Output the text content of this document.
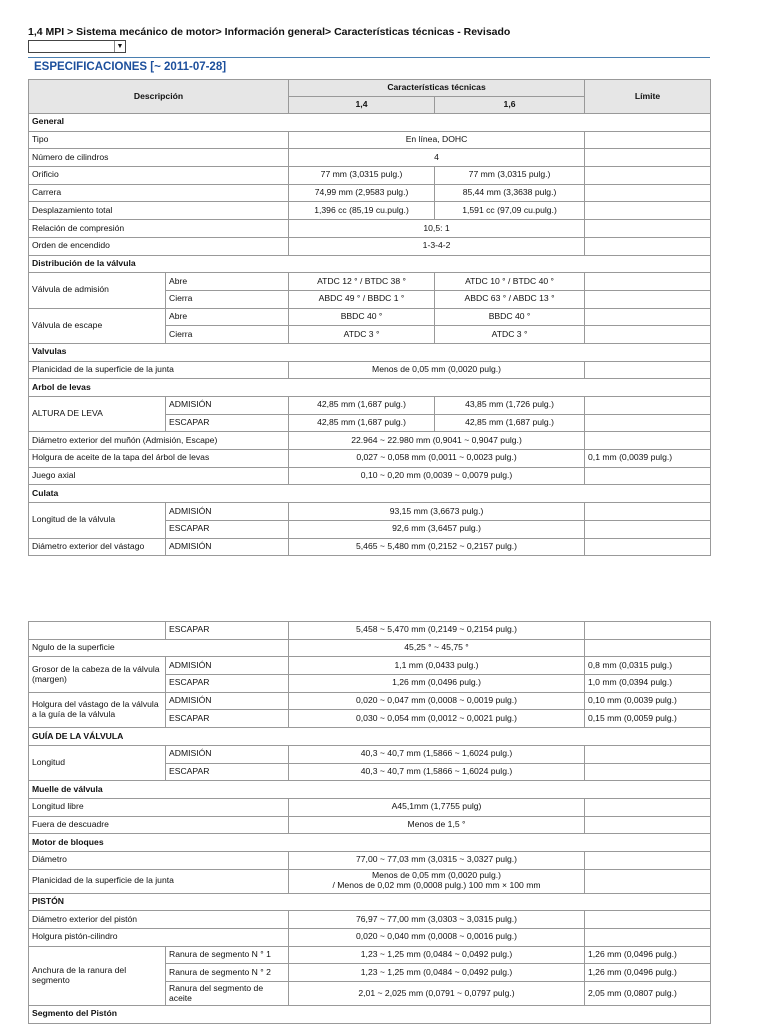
1,4 MPI > Sistema mecánico de motor> Información general> Características técnicas - Revisado
▼
ESPECIFICACIONES [~ 2011-07-28]
Descripción		Características técnicas		Límite
		1,4	1,6	
General				
Tipo		En línea, DOHC		
Número de cilindros		4		
Orificio		77 mm (3,0315 pulg.)	77 mm (3,0315 pulg.)	
Carrera		74,99 mm (2,9583 pulg.)	85,44 mm (3,3638 pulg.)	
Desplazamiento total		1,396 cc (85,19 cu.pulg.)	1,591 cc (97,09 cu.pulg.)	
Relación de compresión		10,5: 1		
Orden de encendido		1-3-4-2		
Distribución de la válvula				
Válvula de admisión	Abre	ATDC 12 ° / BTDC 38 °	ATDC 10 ° / BTDC 40 °	
	Cierra	ABDC 49 ° / BBDC 1 °	ABDC 63 ° / ABDC 13 °	
Válvula de escape	Abre	BBDC 40 °	BBDC 40 °	
	Cierra	ATDC 3 °	ATDC 3 °	
Valvulas				
Planicidad de la superficie de la junta		Menos de 0,05 mm (0,0020 pulg.)		
Arbol de levas				
ALTURA DE LEVA	ADMISIÓN	42,85 mm (1,687 pulg.)	43,85 mm (1,726 pulg.)	
	ESCAPAR	42,85 mm (1,687 pulg.)	42,85 mm (1,687 pulg.)	
Diámetro exterior del muñón (Admisión, Escape)		22.964 ~ 22.980 mm (0,9041 ~ 0,9047 pulg.)		
Holgura de aceite de la tapa del árbol de levas		0,027 ~ 0,058 mm (0,0011 ~ 0,0023 pulg.)		0,1 mm (0,0039 pulg.)
Juego axial		0,10 ~ 0,20 mm (0,0039 ~ 0,0079 pulg.)		
Culata				
Longitud de la válvula	ADMISIÓN	93,15 mm (3,6673 pulg.)		
	ESCAPAR	92,6 mm (3,6457 pulg.)		
Diámetro exterior del vástago	ADMISIÓN	5,465 ~ 5,480 mm (0,2152 ~ 0,2157 pulg.)		
	ESCAPAR	5,458 ~ 5,470 mm (0,2149 ~ 0,2154 pulg.)	
Ngulo de la superficie		45,25 ° ~ 45,75 °	
Grosor de la cabeza de la válvula (margen)	ADMISIÓN	1,1 mm (0,0433 pulg.)	0,8 mm (0,0315 pulg.)
	ESCAPAR	1,26 mm (0,0496 pulg.)	1,0 mm (0,0394 pulg.)
Holgura del vástago de la válvula a la guía de la válvula	ADMISIÓN	0,020 ~ 0,047 mm (0,0008 ~ 0,0019 pulg.)	0,10 mm (0,0039 pulg.)
	ESCAPAR	0,030 ~ 0,054 mm (0,0012 ~ 0,0021 pulg.)	0,15 mm (0,0059 pulg.)
GUÍA DE LA VÁLVULA			
Longitud	ADMISIÓN	40,3 ~ 40,7 mm (1,5866 ~ 1,6024 pulg.)	
	ESCAPAR	40,3 ~ 40,7 mm (1,5866 ~ 1,6024 pulg.)	
Muelle de válvula			
Longitud libre		A45,1mm (1,7755 pulg)	
Fuera de descuadre		Menos de 1,5 °	
Motor de bloques			
Diámetro		77,00 ~ 77,03 mm (3,0315 ~ 3,0327 pulg.)	
Planicidad de la superficie de la junta		Menos de 0,05 mm (0,0020 pulg.)
/ Menos de 0,02 mm (0,0008 pulg.) 100 mm × 100 mm	
PISTÓN			
Diámetro exterior del pistón		76,97 ~ 77,00 mm (3,0303 ~ 3,0315 pulg.)	
Holgura pistón-cilindro		0,020 ~ 0,040 mm (0,0008 ~ 0,0016 pulg.)	
Anchura de la ranura del segmento	Ranura de segmento N ° 1	1,23 ~ 1,25 mm (0,0484 ~ 0,0492 pulg.)	1,26 mm (0,0496 pulg.)
	Ranura de segmento N ° 2	1,23 ~ 1,25 mm (0,0484 ~ 0,0492 pulg.)	1,26 mm (0,0496 pulg.)
	Ranura del segmento de aceite	2,01 ~ 2,025 mm (0,0791 ~ 0,0797 pulg.)	2,05 mm (0,0807 pulg.)
Segmento del Pistón			
